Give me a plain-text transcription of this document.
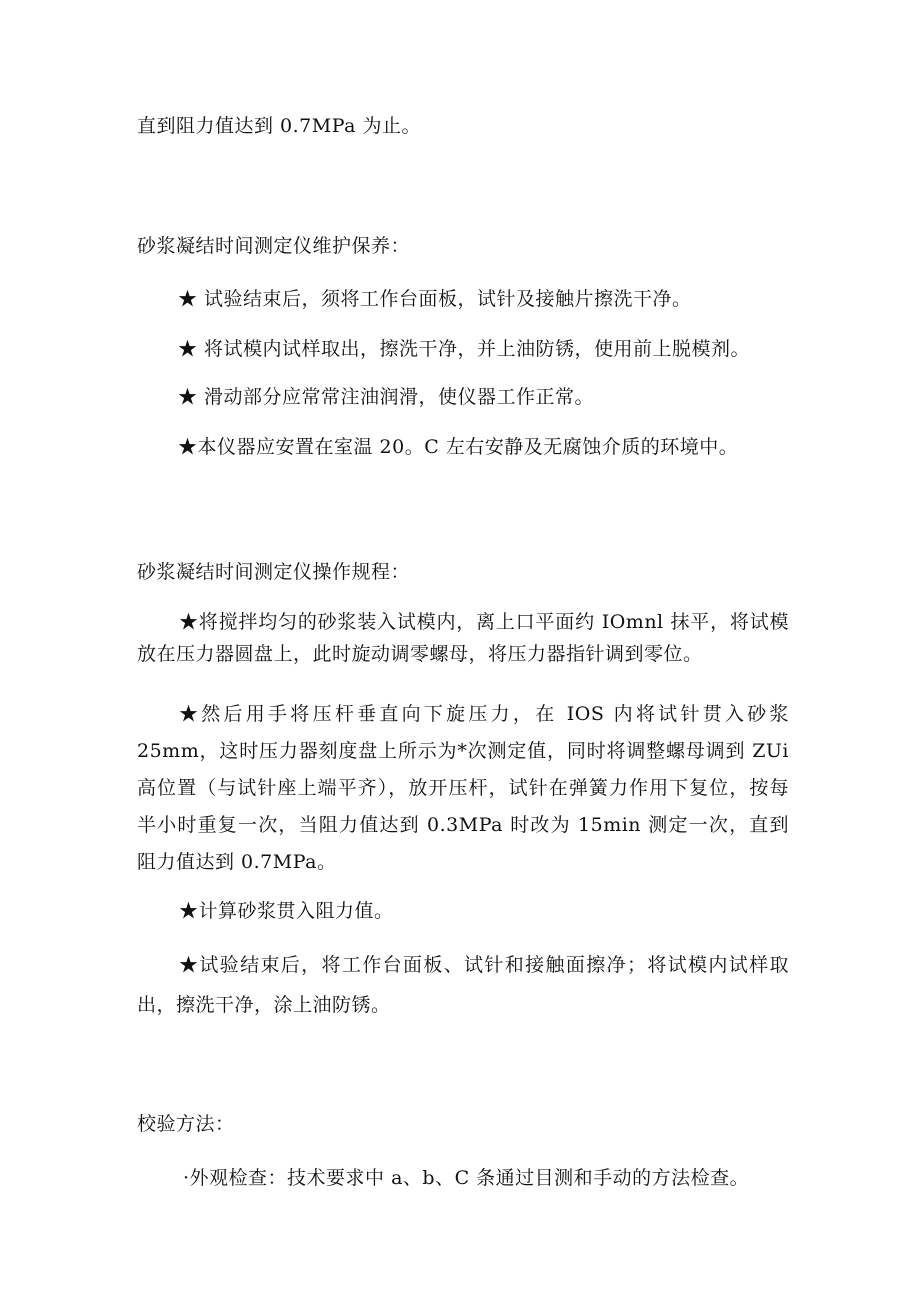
直到阻力值达到 0.7MPa 为止。

砂浆凝结时间测定仪维护保养：

★ 试验结束后，须将工作台面板，试针及接触片擦洗干净。

★ 将试模内试样取出，擦洗干净，并上油防锈，使用前上脱模剂。

★ 滑动部分应常常注油润滑，使仪器工作正常。

★本仪器应安置在室温 20。C 左右安静及无腐蚀介质的环境中。

砂浆凝结时间测定仪操作规程：

★将搅拌均匀的砂浆装入试模内，离上口平面约 IOmnl 抹平，将试模放在压力器圆盘上，此时旋动调零螺母，将压力器指针调到零位。

★然后用手将压杆垂直向下旋压力，在 IOS 内将试针贯入砂浆 25mm，这时压力器刻度盘上所示为*次测定值，同时将调整螺母调到 ZUi 高位置（与试针座上端平齐），放开压杆，试针在弹簧力作用下复位，按每半小时重复一次，当阻力值达到 0.3MPa 时改为 15min 测定一次，直到阻力值达到 0.7MPa。

★计算砂浆贯入阻力值。

★试验结束后，将工作台面板、试针和接触面擦净；将试模内试样取出，擦洗干净，涂上油防锈。

校验方法：

·外观检查：技术要求中 a、b、C 条通过目测和手动的方法检查。
